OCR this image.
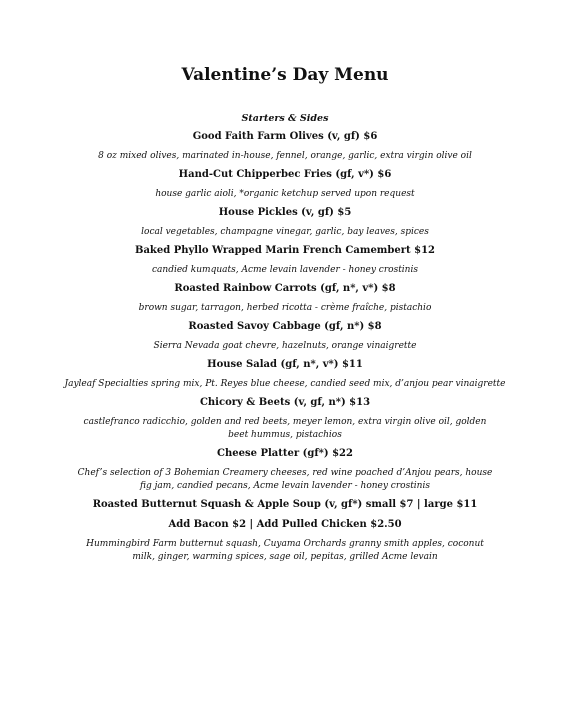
Valentine’s Day Menu
Starters & Sides
Good Faith Farm Olives (v, gf) $6
8 oz mixed olives, marinated in-house, fennel, orange, garlic, extra virgin olive oil
Hand-Cut Chipperbec Fries (gf, v*) $6
house garlic aioli, *organic ketchup served upon request
House Pickles (v, gf) $5
local vegetables, champagne vinegar, garlic, bay leaves, spices
Baked Phyllo Wrapped Marin French Camembert $12
candied kumquats, Acme levain lavender - honey crostinis
Roasted Rainbow Carrots (gf, n*, v*) $8
brown sugar, tarragon, herbed ricotta - crème fraîche, pistachio
Roasted Savoy Cabbage (gf, n*) $8
Sierra Nevada goat chevre, hazelnuts, orange vinaigrette
House Salad (gf, n*, v*) $11
Jayleaf Specialties spring mix, Pt. Reyes blue cheese, candied seed mix, d’anjou pear vinaigrette
Chicory & Beets (v, gf, n*) $13
castlefranco radicchio, golden and red beets, meyer lemon, extra virgin olive oil, golden beet hummus, pistachios
Cheese Platter (gf*) $22
Chef’s selection of 3 Bohemian Creamery cheeses, red wine poached d’Anjou pears, house fig jam, candied pecans, Acme levain lavender - honey crostinis
Roasted Butternut Squash & Apple Soup (v, gf*) small $7 | large $11
Add Bacon $2 | Add Pulled Chicken $2.50
Hummingbird Farm butternut squash, Cuyama Orchards granny smith apples, coconut milk, ginger, warming spices, sage oil, pepitas, grilled Acme levain
